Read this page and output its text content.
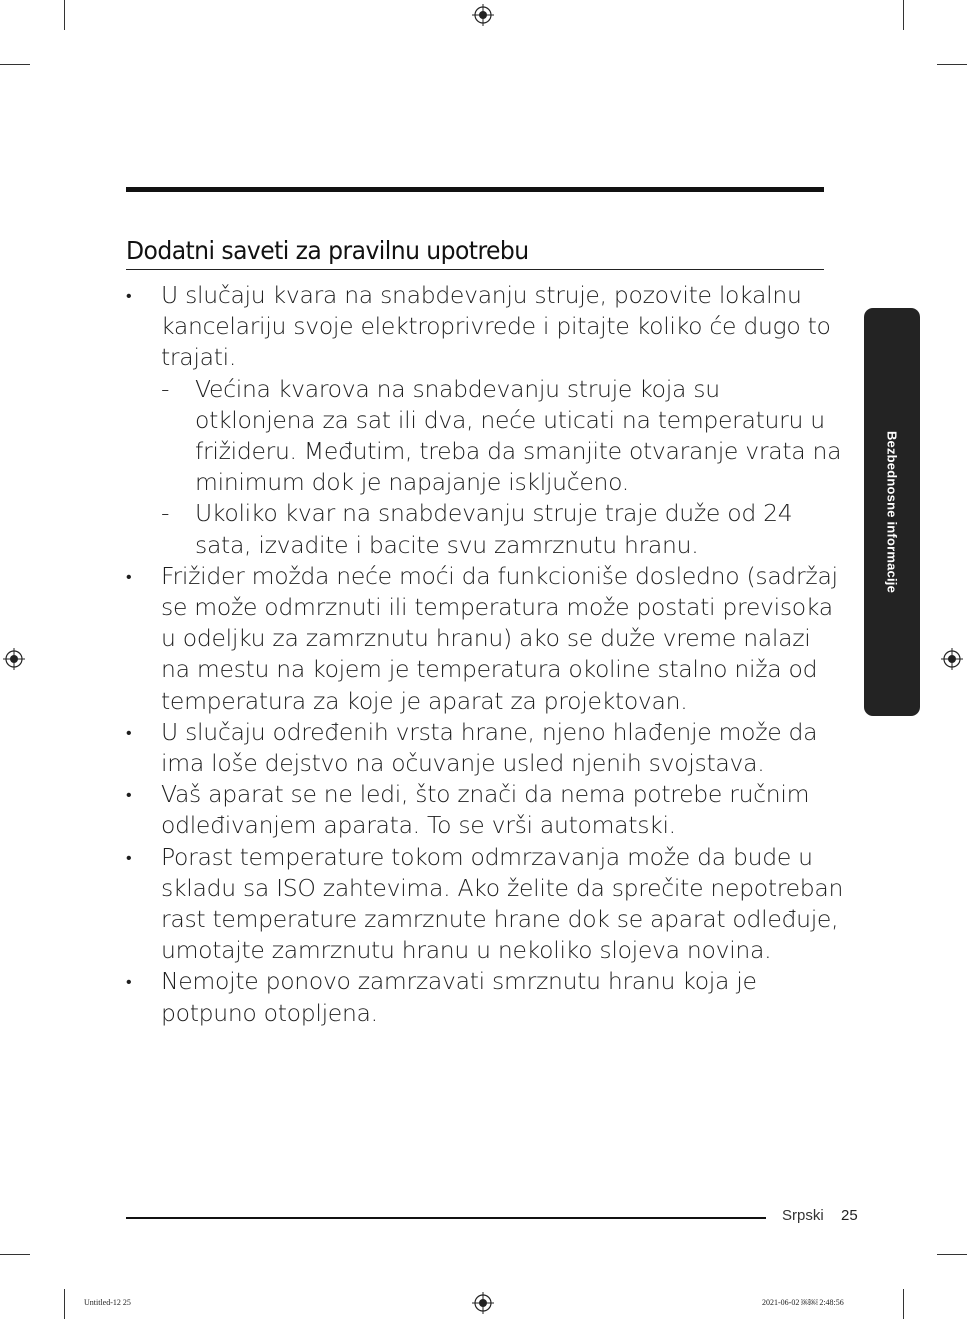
Dodatni saveti za pravilnu upotrebu
• U slučaju kvara na snabdevanju struje, pozovite lokalnu kancelariju svoje elektroprivrede i pitajte koliko će dugo to trajati.
- Većina kvarova na snabdevanju struje koja su otklonjena za sat ili dva, neće uticati na temperaturu u frižideru. Međutim, treba da smanjite otvaranje vrata na minimum dok je napajanje isključeno.
- Ukoliko kvar na snabdevanju struje traje duže od 24 sata, izvadite i bacite svu zamrznutu hranu.
• Frižider možda neće moći da funkcioniše dosledno (sadržaj se može odmrznuti ili temperatura može postati previsoka u odeljku za zamrznutu hranu) ako se duže vreme nalazi na mestu na kojem je temperatura okoline stalno niža od temperatura za koje je aparat za projektovan.
• U slučaju određenih vrsta hrane, njeno hlađenje može da ima loše dejstvo na očuvanje usled njenih svojstava.
• Vaš aparat se ne ledi, što znači da nema potrebe ručnim odleđivanjem aparata. To se vrši automatski.
• Porast temperature tokom odmrzavanja može da bude u skladu sa ISO zahtevima. Ako želite da sprečite nepotreban rast temperature zamrznute hrane dok se aparat odleđuje, umotajte zamrznutu hranu u nekoliko slojeva novina.
• Nemojte ponovo zamrzavati smrznutu hranu koja je potpuno otopljena.
Bezbednosne informacije
Srpski 25
Untitled-12 25	2021-06-02 ￼￼ 2:48:56
